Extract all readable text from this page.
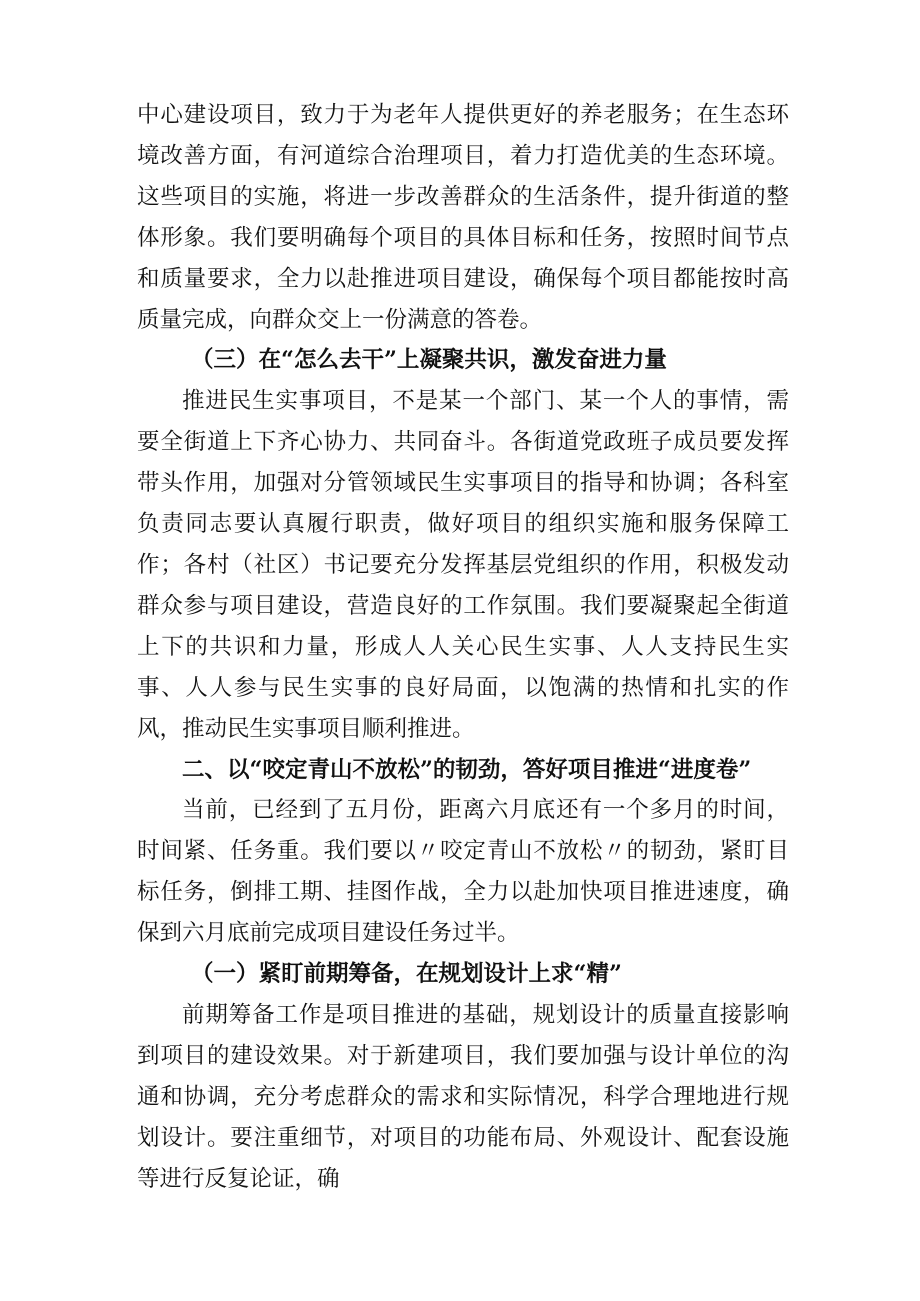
中心建设项目，致力于为老年人提供更好的养老服务；在生态环境改善方面，有河道综合治理项目，着力打造优美的生态环境。这些项目的实施，将进一步改善群众的生活条件，提升街道的整体形象。我们要明确每个项目的具体目标和任务，按照时间节点和质量要求，全力以赴推进项目建设，确保每个项目都能按时高质量完成，向群众交上一份满意的答卷。

（三）在“怎么去干”上凝聚共识，激发奋进力量

推进民生实事项目，不是某一个部门、某一个人的事情，需要全街道上下齐心协力、共同奋斗。各街道党政班子成员要发挥带头作用，加强对分管领域民生实事项目的指导和协调；各科室负责同志要认真履行职责，做好项目的组织实施和服务保障工作；各村（社区）书记要充分发挥基层党组织的作用，积极发动群众参与项目建设，营造良好的工作氛围。我们要凝聚起全街道上下的共识和力量，形成人人关心民生实事、人人支持民生实事、人人参与民生实事的良好局面，以饱满的热情和扎实的作风，推动民生实事项目顺利推进。

二、以“咬定青山不放松”的韧劲，答好项目推进“进度卷”

当前，已经到了五月份，距离六月底还有一个多月的时间，时间紧、任务重。我们要以〃咬定青山不放松〃的韧劲，紧盯目标任务，倒排工期、挂图作战，全力以赴加快项目推进速度，确保到六月底前完成项目建设任务过半。

（一）紧盯前期筹备，在规划设计上求“精”

前期筹备工作是项目推进的基础，规划设计的质量直接影响到项目的建设效果。对于新建项目，我们要加强与设计单位的沟通和协调，充分考虑群众的需求和实际情况，科学合理地进行规划设计。要注重细节，对项目的功能布局、外观设计、配套设施等进行反复论证，确
